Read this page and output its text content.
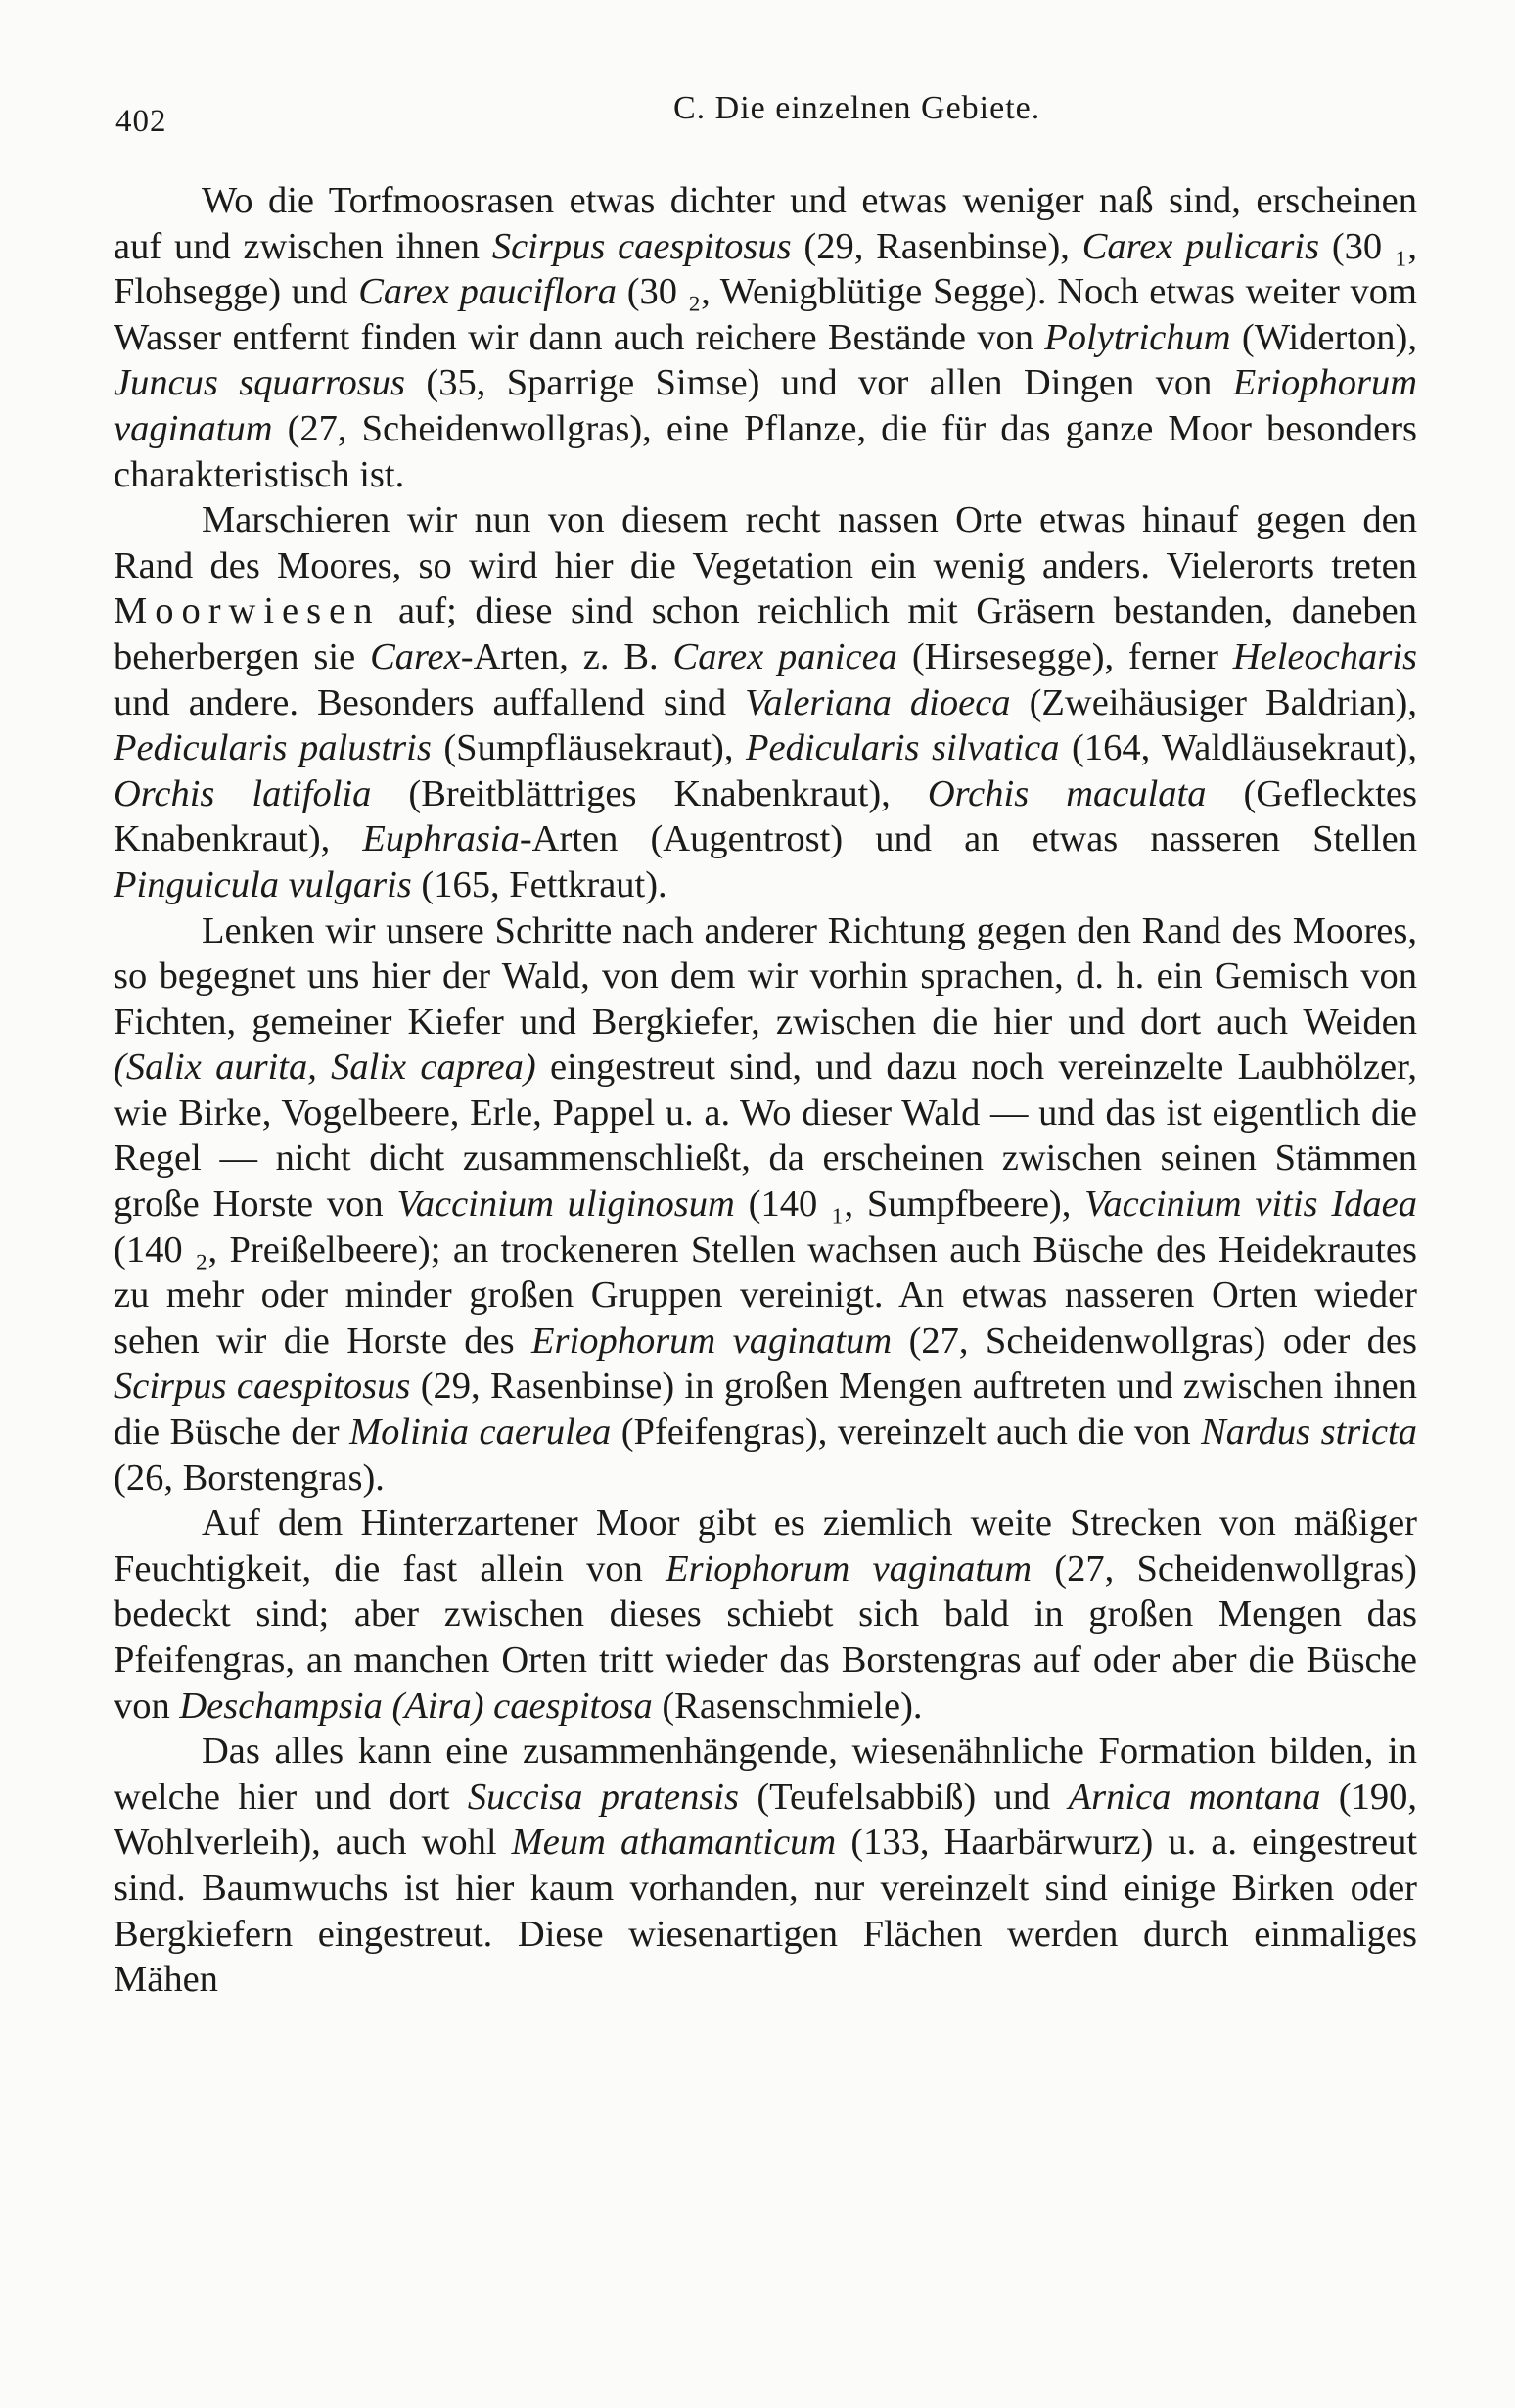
402	C. Die einzelnen Gebiete.

Wo die Torfmoosrasen etwas dichter und etwas weniger naß sind, erscheinen auf und zwischen ihnen Scirpus caespitosus (29, Rasenbinse), Carex pulicaris (30 ₁, Flohsegge) und Carex pauciflora (30 ₂, Wenigblütige Segge). Noch etwas weiter vom Wasser entfernt finden wir dann auch reichere Bestände von Polytrichum (Widerton), Juncus squarrosus (35, Sparrige Simse) und vor allen Dingen von Eriophorum vaginatum (27, Scheidenwollgras), eine Pflanze, die für das ganze Moor besonders charakteristisch ist.

Marschieren wir nun von diesem recht nassen Orte etwas hinauf gegen den Rand des Moores, so wird hier die Vegetation ein wenig anders. Vielerorts treten Moorwiesen auf; diese sind schon reichlich mit Gräsern bestanden, daneben beherbergen sie Carex-Arten, z. B. Carex panicea (Hirsesegge), ferner Heleocharis und andere. Besonders auffallend sind Valeriana dioeca (Zweihäusiger Baldrian), Pedicularis palustris (Sumpfläusekraut), Pedicularis silvatica (164, Waldläusekraut), Orchis latifolia (Breitblättriges Knabenkraut), Orchis maculata (Geflecktes Knabenkraut), Euphrasia-Arten (Augentrost) und an etwas nasseren Stellen Pinguicula vulgaris (165, Fettkraut).

Lenken wir unsere Schritte nach anderer Richtung gegen den Rand des Moores, so begegnet uns hier der Wald, von dem wir vorhin sprachen, d. h. ein Gemisch von Fichten, gemeiner Kiefer und Bergkiefer, zwischen die hier und dort auch Weiden (Salix aurita, Salix caprea) eingestreut sind, und dazu noch vereinzelte Laubhölzer, wie Birke, Vogelbeere, Erle, Pappel u. a. Wo dieser Wald — und das ist eigentlich die Regel — nicht dicht zusammenschließt, da erscheinen zwischen seinen Stämmen große Horste von Vaccinium uliginosum (140 ₁, Sumpfbeere), Vaccinium vitis Idaea (140 ₂, Preißelbeere); an trockeneren Stellen wachsen auch Büsche des Heidekrautes zu mehr oder minder großen Gruppen vereinigt. An etwas nasseren Orten wieder sehen wir die Horste des Eriophorum vaginatum (27, Scheidenwollgras) oder des Scirpus caespitosus (29, Rasenbinse) in großen Mengen auftreten und zwischen ihnen die Büsche der Molinia caerulea (Pfeifengras), vereinzelt auch die von Nardus stricta (26, Borstengras).

Auf dem Hinterzartener Moor gibt es ziemlich weite Strecken von mäßiger Feuchtigkeit, die fast allein von Eriophorum vaginatum (27, Scheidenwollgras) bedeckt sind; aber zwischen dieses schiebt sich bald in großen Mengen das Pfeifengras, an manchen Orten tritt wieder das Borstengras auf oder aber die Büsche von Deschampsia (Aira) caespitosa (Rasenschmiele).

Das alles kann eine zusammenhängende, wiesenähnliche Formation bilden, in welche hier und dort Succisa pratensis (Teufelsabbiß) und Arnica montana (190, Wohlverleih), auch wohl Meum athamanticum (133, Haarbärwurz) u. a. eingestreut sind. Baumwuchs ist hier kaum vorhanden, nur vereinzelt sind einige Birken oder Bergkiefern eingestreut. Diese wiesenartigen Flächen werden durch einmaliges Mähen
